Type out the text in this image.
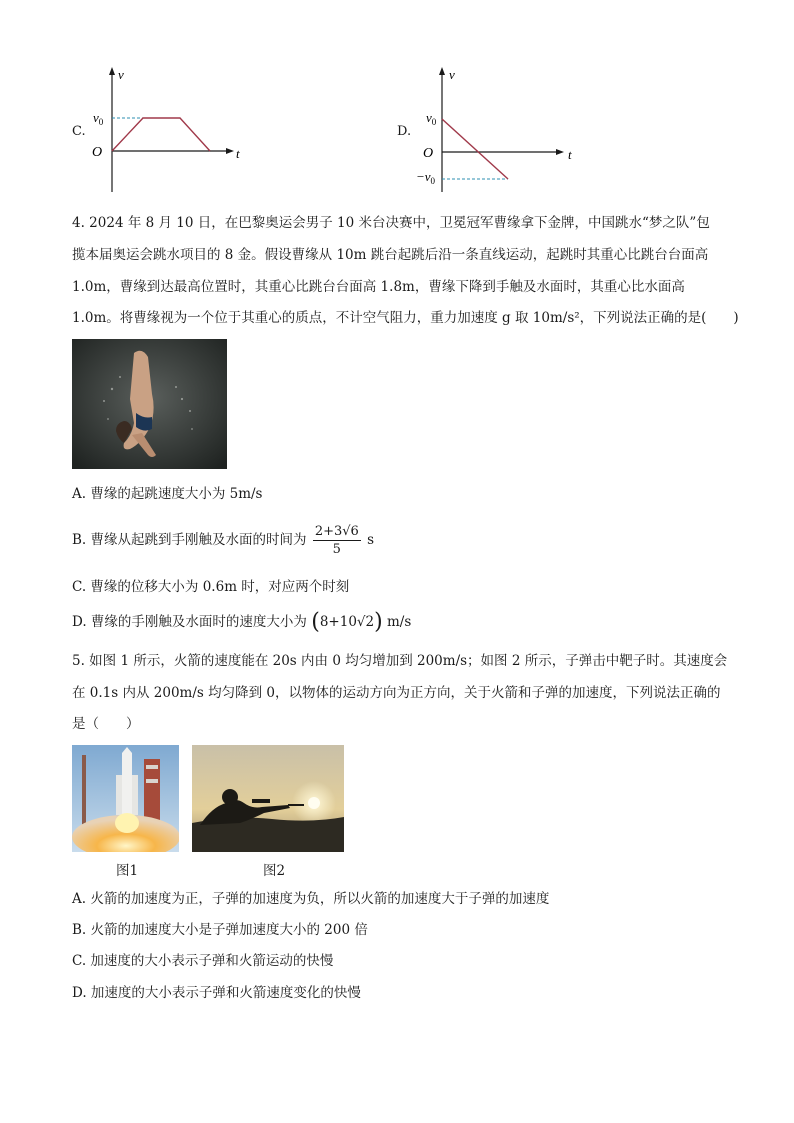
C.
v
t
O
$v_0$
D.
v
t
O
$v_0$
$-v_0$
4. 2024 年 8 月 10 日，在巴黎奥运会男子 10 米台决赛中，卫冕冠军曹缘拿下金牌，中国跳水“梦之队”包
揽本届奥运会跳水项目的 8 金。假设曹缘从 10m 跳台起跳后沿一条直线运动，起跳时其重心比跳台台面高
1.0m，曹缘到达最高位置时，其重心比跳台台面高 1.8m，曹缘下降到手触及水面时，其重心比水面高
1.0m。将曹缘视为一个位于其重心的质点，不计空气阻力，重力加速度 g 取 10m/s²，下列说法正确的是(　　)
A. 曹缘的起跳速度大小为 5m/s
B. 曹缘从起跳到手刚触及水面的时间为 $\frac{2+3√6}{5}$ s
C. 曹缘的位移大小为 0.6m 时，对应两个时刻
D. 曹缘的手刚触及水面时的速度大小为 (8+10√2) m/s
5. 如图 1 所示，火箭的速度能在 20s 内由 0 均匀增加到 200m/s；如图 2 所示，子弹击中靶子时。其速度会
在 0.1s 内从 200m/s 均匀降到 0，以物体的运动方向为正方向，关于火箭和子弹的加速度，下列说法正确的
是（　　）
图1	图2
A. 火箭的加速度为正，子弹的加速度为负，所以火箭的加速度大于子弹的加速度
B. 火箭的加速度大小是子弹加速度大小的 200 倍
C. 加速度的大小表示子弹和火箭运动的快慢
D. 加速度的大小表示子弹和火箭速度变化的快慢
